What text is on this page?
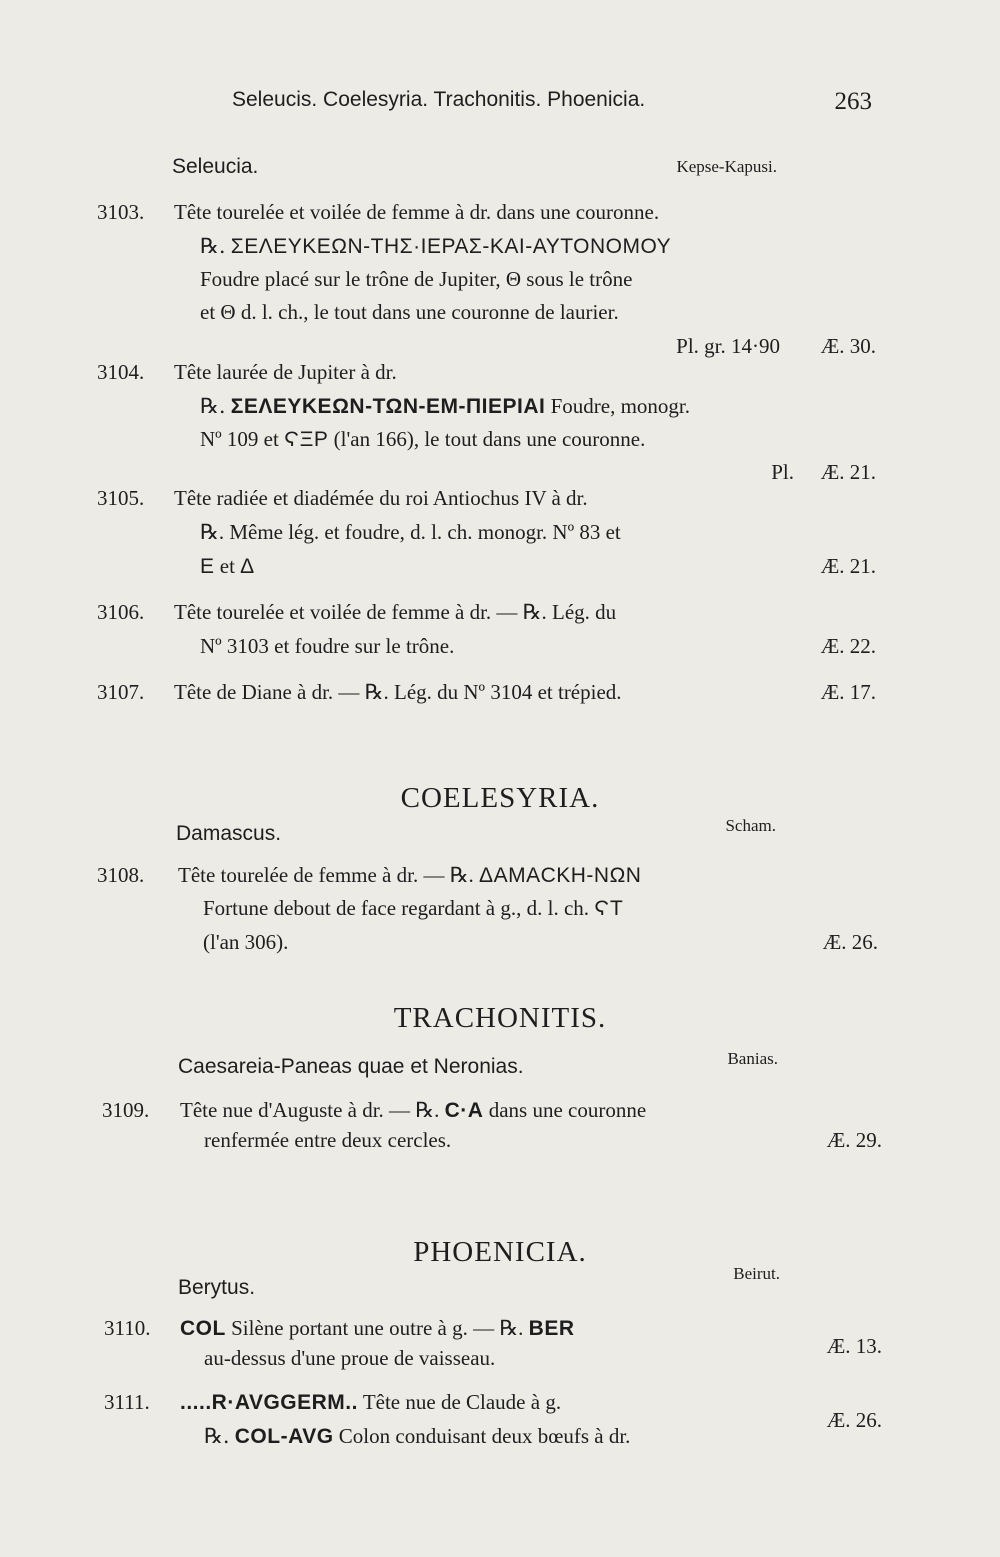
Seleucis. Coelesyria. Trachonitis. Phoenicia.	263
Seleucia.	Kepse-Kapusi.
3103. Tête tourelée et voilée de femme à dr. dans une couronne.
℞. ΣΕΛΕΥΚΕΩΝ-ΤΗΣ·ΙΕΡΑΣ-ΚΑΙ-ΑΥΤΟΝΟΜΟΥ
Foudre placé sur le trône de Jupiter, Θ sous le trône
et Θ d. l. ch., le tout dans une couronne de laurier.
Pl. gr. 14·90 Æ. 30.
3104. Tête laurée de Jupiter à dr.
℞. ΣΕΛΕΥΚΕΩΝ-ΤΩΝ-ΕΜ-ΠΙΕΡΙΑΙ Foudre, monogr.
Nº 109 et ϚΞΡ (l'an 166), le tout dans une couronne.
Pl. Æ. 21.
3105. Tête radiée et diadémée du roi Antiochus IV à dr.
℞. Même lég. et foudre, d. l. ch. monogr. Nº 83 et
Ε et Δ	Æ. 21.
3106. Tête tourelée et voilée de femme à dr. — ℞. Lég. du
Nº 3103 et foudre sur le trône.	Æ. 22.
3107. Tête de Diane à dr. — ℞. Lég. du Nº 3104 et trépied.	Æ. 17.
COELESYRIA.
Damascus.	Scham.
3108. Tête tourelée de femme à dr. — ℞. ΔΑΜΑϹΚΗ-ΝΩΝ
Fortune debout de face regardant à g., d. l. ch. ϚΤ
(l'an 306).	Æ. 26.
TRACHONITIS.
Caesareia-Paneas quae et Neronias.	Banias.
3109. Tête nue d'Auguste à dr. — ℞. C·A dans une couronne
renfermée entre deux cercles.	Æ. 29.
PHOENICIA.
Berytus.
Beirut.
3110. COL Silène portant une outre à g. — ℞. BER
au-dessus d'une proue de vaisseau.	Æ. 13.
3111. .....R·AVGGERM.. Tête nue de Claude à g.
℞. COL-AVG Colon conduisant deux bœufs à dr.
Æ. 26.
